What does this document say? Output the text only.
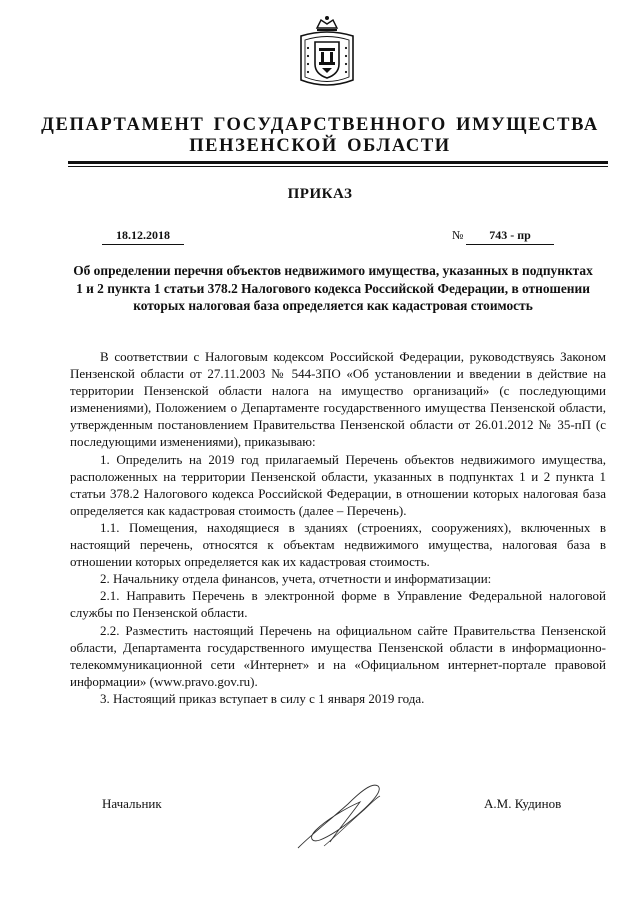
ДЕПАРТАМЕНТ ГОСУДАРСТВЕННОГО ИМУЩЕСТВА
ПЕНЗЕНСКОЙ ОБЛАСТИ
ПРИКАЗ
18.12.2018	№ 743 - пр
Об определении перечня объектов недвижимого имущества, указанных в подпунктах 1 и 2 пункта 1 статьи 378.2 Налогового кодекса Российской Федерации, в отношении которых налоговая база определяется как кадастровая стоимость

В соответствии с Налоговым кодексом Российской Федерации, руководствуясь Законом Пензенской области от 27.11.2003 № 544-ЗПО «Об установлении и введении в действие на территории Пензенской области налога на имущество организаций» (с последующими изменениями), Положением о Департаменте государственного имущества Пензенской области, утвержденным постановлением Правительства Пензенской области от 26.01.2012 № 35-пП (с последующими изменениями), приказываю:

1. Определить на 2019 год прилагаемый Перечень объектов недвижимого имущества, расположенных на территории Пензенской области, указанных в подпунктах 1 и 2 пункта 1 статьи 378.2 Налогового кодекса Российской Федерации, в отношении которых налоговая база определяется как кадастровая стоимость (далее – Перечень).

1.1. Помещения, находящиеся в зданиях (строениях, сооружениях), включенных в настоящий перечень, относятся к объектам недвижимого имущества, налоговая база в отношении которых определяется как их кадастровая стоимость.

2. Начальнику отдела финансов, учета, отчетности и информатизации:

2.1. Направить Перечень в электронной форме в Управление Федеральной налоговой службы по Пензенской области.

2.2. Разместить настоящий Перечень на официальном сайте Правительства Пензенской области, Департамента государственного имущества Пензенской области в информационно-телекоммуникационной сети «Интернет» и на «Официальном интернет-портале правовой информации» (www.pravo.gov.ru).

3. Настоящий приказ вступает в силу с 1 января 2019 года.

Начальник	А.М. Кудинов
